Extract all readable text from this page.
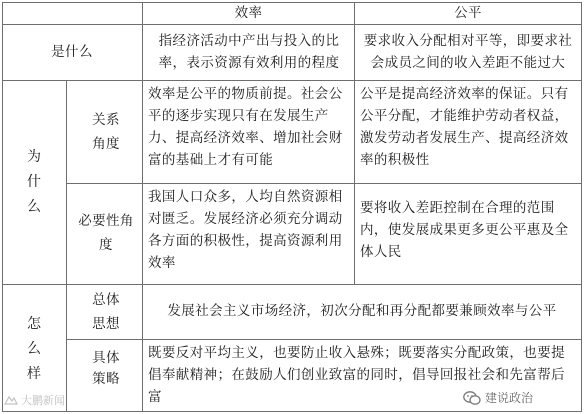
效率	公平
是什么
指经济活动中产出与投入的比率，表示资源有效利用的程度
要求收入分配相对平等，即要求社会成员之间的收入差距不能过大
为什么
关系角度
效率是公平的物质前提。社会公平的逐步实现只有在发展生产力、提高经济效率、增加社会财富的基础上才有可能
公平是提高经济效率的保证。只有公平分配，才能维护劳动者权益，激发劳动者发展生产、提高经济效率的积极性
必要性角度
我国人口众多，人均自然资源相对匮乏。发展经济必须充分调动各方面的积极性，提高资源利用效率
要将收入差距控制在合理的范围内，使发展成果更多更公平惠及全体人民
怎么样
总体思想
发展社会主义市场经济，初次分配和再分配都要兼顾效率与公平
具体策略
既要反对平均主义，也要防止收入悬殊；既要落实分配政策，也要提倡奉献精神；在鼓励人们创业致富的同时，倡导回报社会和先富帮后富
大鹏新闻	建说政治
